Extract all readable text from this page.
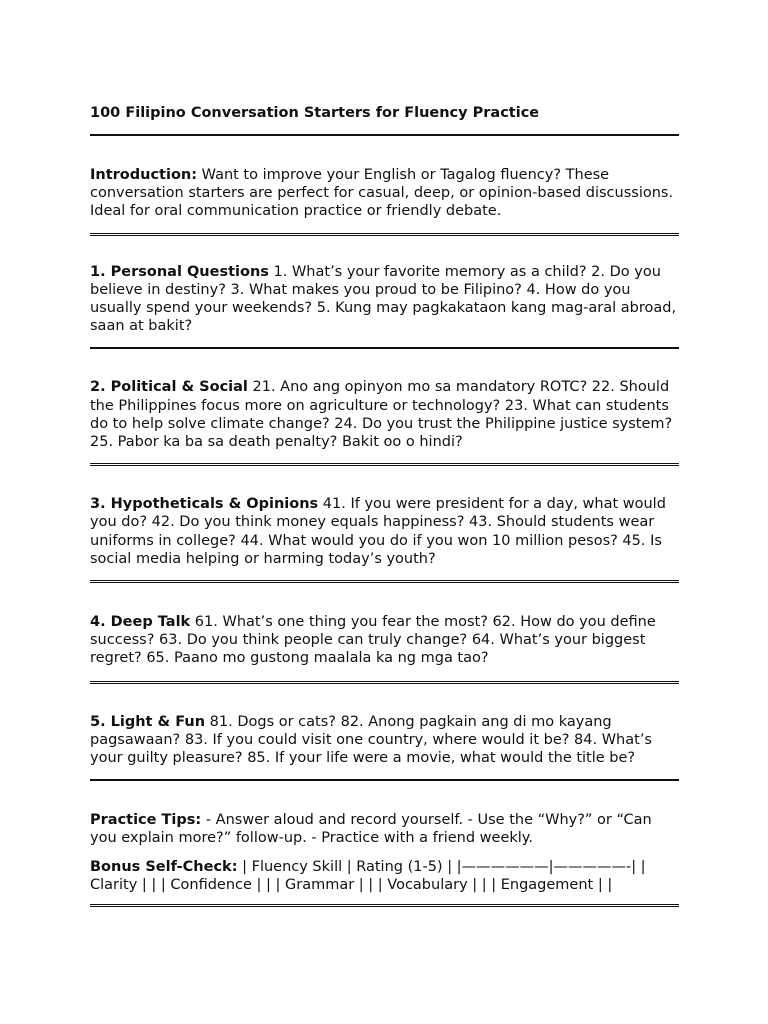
100 Filipino Conversation Starters for Fluency Practice

Introduction: Want to improve your English or Tagalog fluency? These conversation starters are perfect for casual, deep, or opinion-based discussions. Ideal for oral communication practice or friendly debate.

1. Personal Questions 1. What’s your favorite memory as a child? 2. Do you believe in destiny? 3. What makes you proud to be Filipino? 4. How do you usually spend your weekends? 5. Kung may pagkakataon kang mag-aral abroad, saan at bakit?

2. Political & Social 21. Ano ang opinyon mo sa mandatory ROTC? 22. Should the Philippines focus more on agriculture or technology? 23. What can students do to help solve climate change? 24. Do you trust the Philippine justice system? 25. Pabor ka ba sa death penalty? Bakit oo o hindi?

3. Hypotheticals & Opinions 41. If you were president for a day, what would you do? 42. Do you think money equals happiness? 43. Should students wear uniforms in college? 44. What would you do if you won 10 million pesos? 45. Is social media helping or harming today’s youth?

4. Deep Talk 61. What’s one thing you fear the most? 62. How do you define success? 63. Do you think people can truly change? 64. What’s your biggest regret? 65. Paano mo gustong maalala ka ng mga tao?

5. Light & Fun 81. Dogs or cats? 82. Anong pagkain ang di mo kayang pagsawaan? 83. If you could visit one country, where would it be? 84. What’s your guilty pleasure? 85. If your life were a movie, what would the title be?

Practice Tips: - Answer aloud and record yourself. - Use the “Why?” or “Can you explain more?” follow-up. - Practice with a friend weekly.

Bonus Self-Check: | Fluency Skill | Rating (1-5) | |——————|—————-| | Clarity | | | Confidence | | | Grammar | | | Vocabulary | | | Engagement | |
